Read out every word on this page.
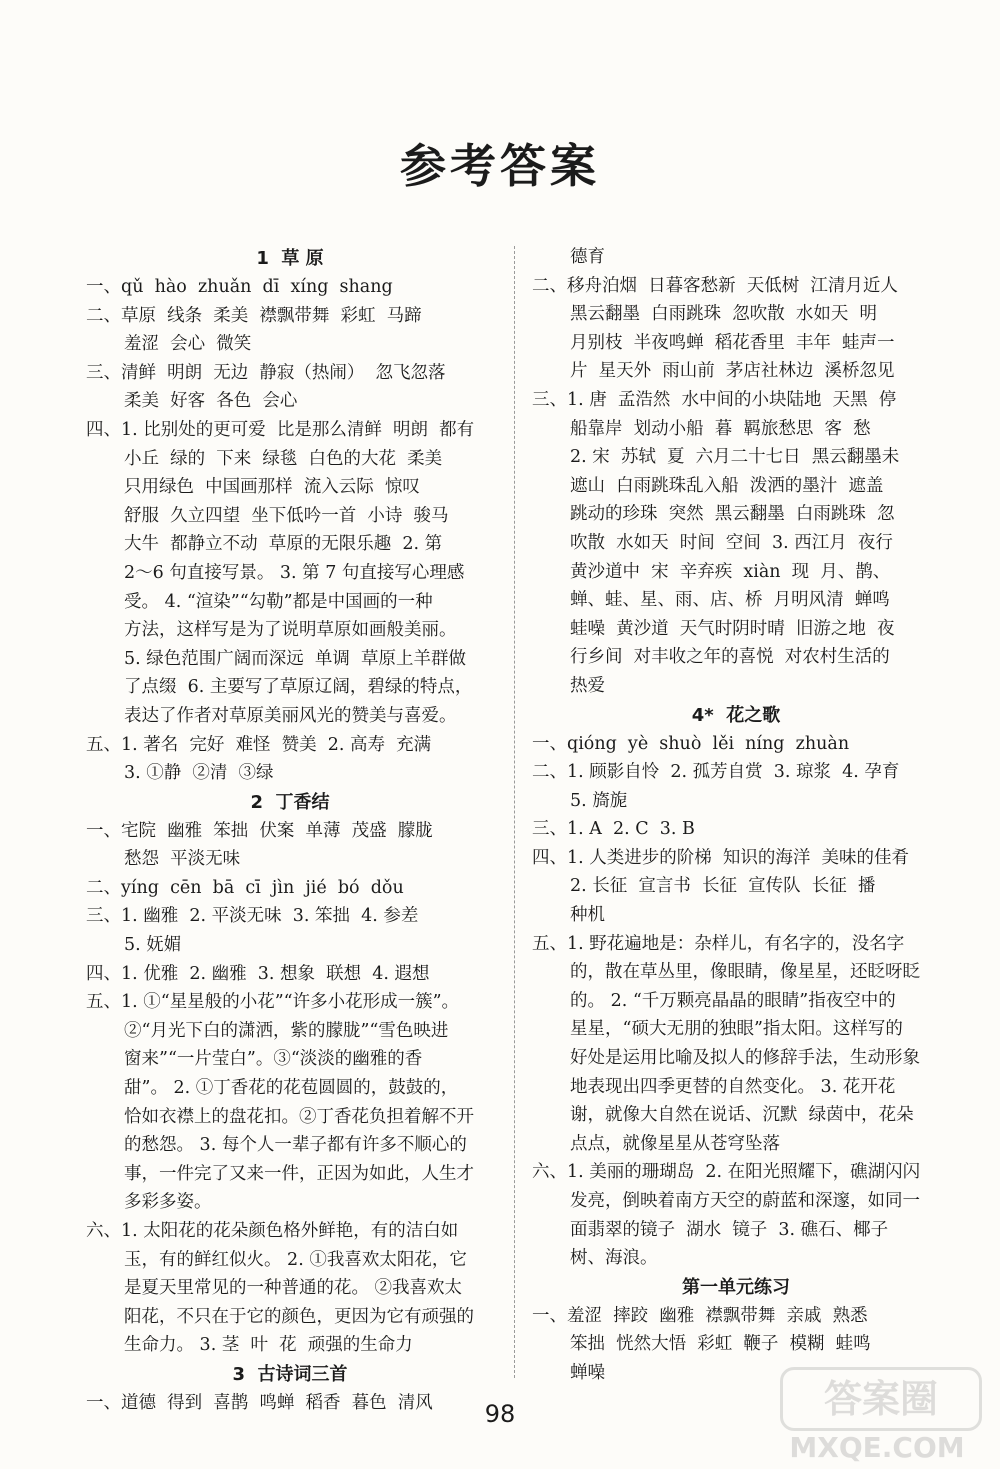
参考答案
1  草 原
一、qǔ  hào  zhuǎn  dī  xíng  shang
二、草原  线条  柔美  襟飘带舞  彩虹  马蹄
羞涩  会心  微笑
三、清鲜  明朗  无边  静寂（热闹）  忽飞忽落
柔美  好客  各色  会心
四、1. 比别处的更可爱  比是那么清鲜  明朗  都有
小丘  绿的  下来  绿毯  白色的大花  柔美
只用绿色  中国画那样  流入云际  惊叹
舒服  久立四望  坐下低吟一首  小诗  骏马
大牛  都静立不动  草原的无限乐趣  2. 第
2～6 句直接写景。 3. 第 7 句直接写心理感
受。 4. “渲染”“勾勒”都是中国画的一种
方法，这样写是为了说明草原如画般美丽。
5. 绿色范围广阔而深远  单调  草原上羊群做
了点缀  6. 主要写了草原辽阔，碧绿的特点，
表达了作者对草原美丽风光的赞美与喜爱。
五、1. 著名  完好  难怪  赞美  2. 高寿  充满
3. ①静  ②清  ③绿
2  丁香结
一、宅院  幽雅  笨拙  伏案  单薄  茂盛  朦胧
愁怨  平淡无味
二、yíng  cēn  bā  cī  jìn  jié  bó  dǒu
三、1. 幽雅  2. 平淡无味  3. 笨拙  4. 参差
5. 妩媚
四、1. 优雅  2. 幽雅  3. 想象  联想  4. 遐想
五、1. ①“星星般的小花”“许多小花形成一簇”。
②“月光下白的潇洒，紫的朦胧”“雪色映进
窗来”“一片莹白”。③“淡淡的幽雅的香
甜”。 2. ①丁香花的花苞圆圆的，鼓鼓的，
恰如衣襟上的盘花扣。②丁香花负担着解不开
的愁怨。 3. 每个人一辈子都有许多不顺心的
事，一件完了又来一件，正因为如此，人生才
多彩多姿。
六、1. 太阳花的花朵颜色格外鲜艳，有的洁白如
玉，有的鲜红似火。 2. ①我喜欢太阳花，它
是夏天里常见的一种普通的花。 ②我喜欢太
阳花，不只在于它的颜色，更因为它有顽强的
生命力。 3. 茎  叶  花  顽强的生命力
3  古诗词三首
一、道德  得到  喜鹊  鸣蝉  稻香  暮色  清风
德育
二、移舟泊烟  日暮客愁新  天低树  江清月近人
黑云翻墨  白雨跳珠  忽吹散  水如天  明
月别枝  半夜鸣蝉  稻花香里  丰年  蛙声一
片  星天外  雨山前  茅店社林边  溪桥忽见
三、1. 唐  孟浩然  水中间的小块陆地  天黑  停
船靠岸  划动小船  暮  羁旅愁思  客  愁
2. 宋  苏轼  夏  六月二十七日  黑云翻墨未
遮山  白雨跳珠乱入船  泼洒的墨汁  遮盖
跳动的珍珠  突然  黑云翻墨  白雨跳珠  忽
吹散  水如天  时间  空间  3. 西江月  夜行
黄沙道中  宋  辛弃疾  xiàn  现  月、鹊、
蝉、蛙、星、雨、店、桥  月明风清  蝉鸣
蛙噪  黄沙道  天气时阴时晴  旧游之地  夜
行乡间  对丰收之年的喜悦  对农村生活的
热爱
4*  花之歌
一、qióng  yè  shuò  lěi  níng  zhuàn
二、1. 顾影自怜  2. 孤芳自赏  3. 琼浆  4. 孕育
5. 旖旎
三、1. A  2. C  3. B
四、1. 人类进步的阶梯  知识的海洋  美味的佳肴
2. 长征  宣言书  长征  宣传队  长征  播
种机
五、1. 野花遍地是：杂样儿，有名字的，没名字
的，散在草丛里，像眼睛，像星星，还眨呀眨
的。 2. “千万颗亮晶晶的眼睛”指夜空中的
星星，“硕大无朋的独眼”指太阳。这样写的
好处是运用比喻及拟人的修辞手法，生动形象
地表现出四季更替的自然变化。 3. 花开花
谢，就像大自然在说话、沉默  绿茵中，花朵
点点，就像星星从苍穹坠落
六、1. 美丽的珊瑚岛  2. 在阳光照耀下，礁湖闪闪
发亮，倒映着南方天空的蔚蓝和深邃，如同一
面翡翠的镜子  湖水  镜子  3. 礁石、椰子
树、海浪。
第一单元练习
一、羞涩  摔跤  幽雅  襟飘带舞  亲戚  熟悉
笨拙  恍然大悟  彩虹  鞭子  模糊  蛙鸣
蝉噪
98	答案圈
MXQE.COM
